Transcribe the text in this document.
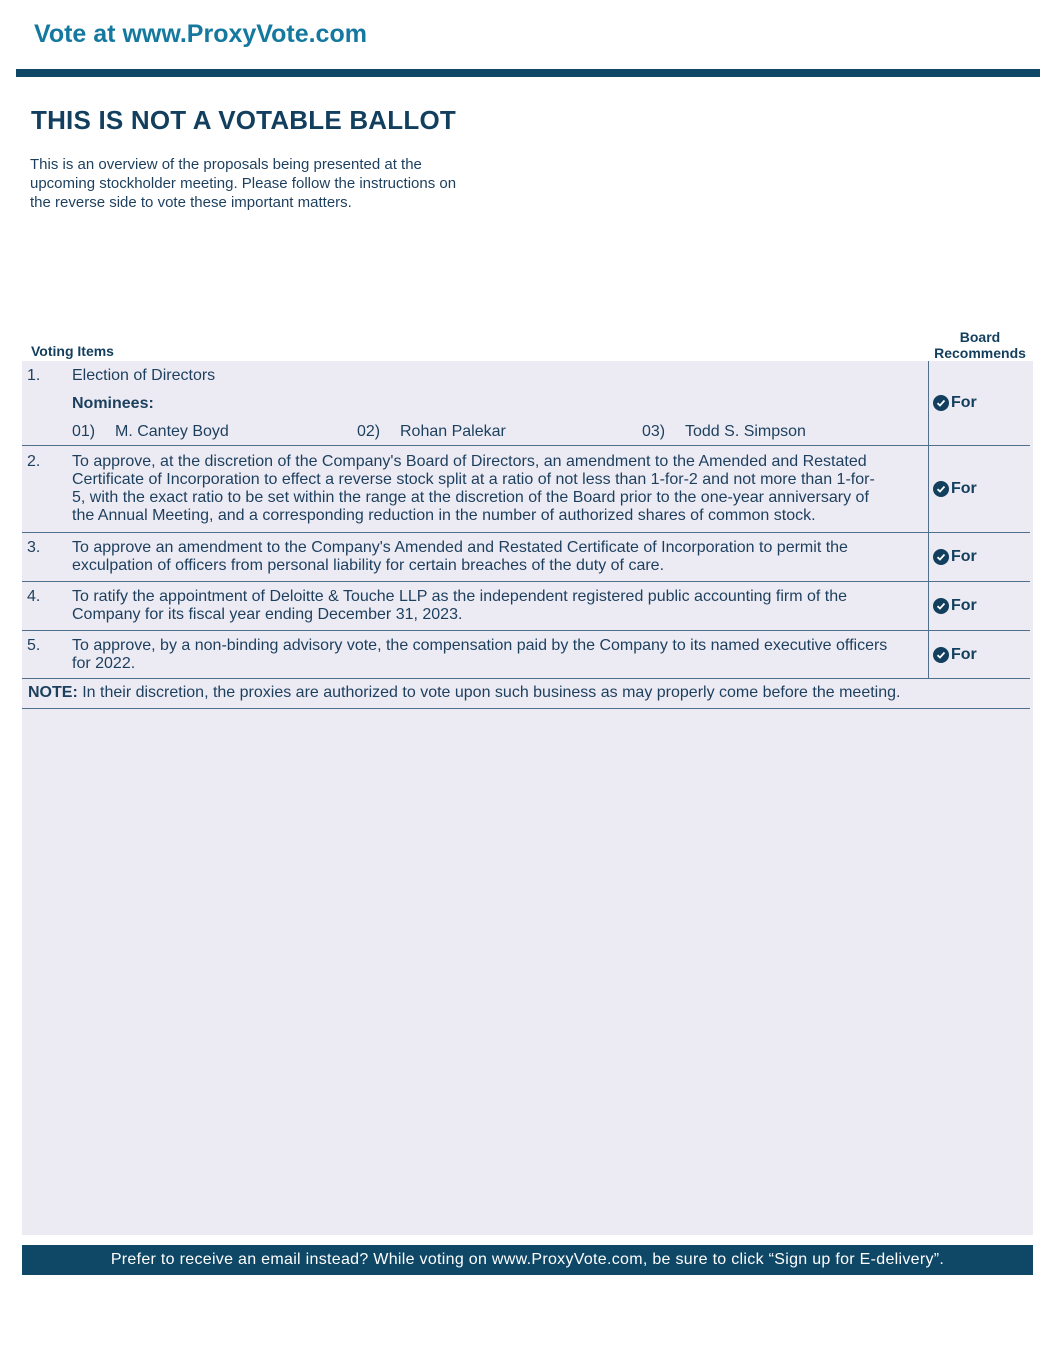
Vote at www.ProxyVote.com
THIS IS NOT A VOTABLE BALLOT
This is an overview of the proposals being presented at the
upcoming stockholder meeting. Please follow the instructions on
the reverse side to vote these important matters.
Voting Items
Board
Recommends
1. Election of Directors
Nominees:
01) M. Cantey Boyd	02) Rohan Palekar	03) Todd S. Simpson
For
2. To approve, at the discretion of the Company's Board of Directors, an amendment to the Amended and Restated
Certificate of Incorporation to effect a reverse stock split at a ratio of not less than 1-for-2 and not more than 1-for-
5, with the exact ratio to be set within the range at the discretion of the Board prior to the one-year anniversary of
the Annual Meeting, and a corresponding reduction in the number of authorized shares of common stock.
For
3. To approve an amendment to the Company's Amended and Restated Certificate of Incorporation to permit the
exculpation of officers from personal liability for certain breaches of the duty of care.
For
4. To ratify the appointment of Deloitte & Touche LLP as the independent registered public accounting firm of the
Company for its fiscal year ending December 31, 2023.
For
5. To approve, by a non-binding advisory vote, the compensation paid by the Company to its named executive officers
for 2022.
For
NOTE: In their discretion, the proxies are authorized to vote upon such business as may properly come before the meeting.
Prefer to receive an email instead? While voting on www.ProxyVote.com, be sure to click “Sign up for E-delivery”.
